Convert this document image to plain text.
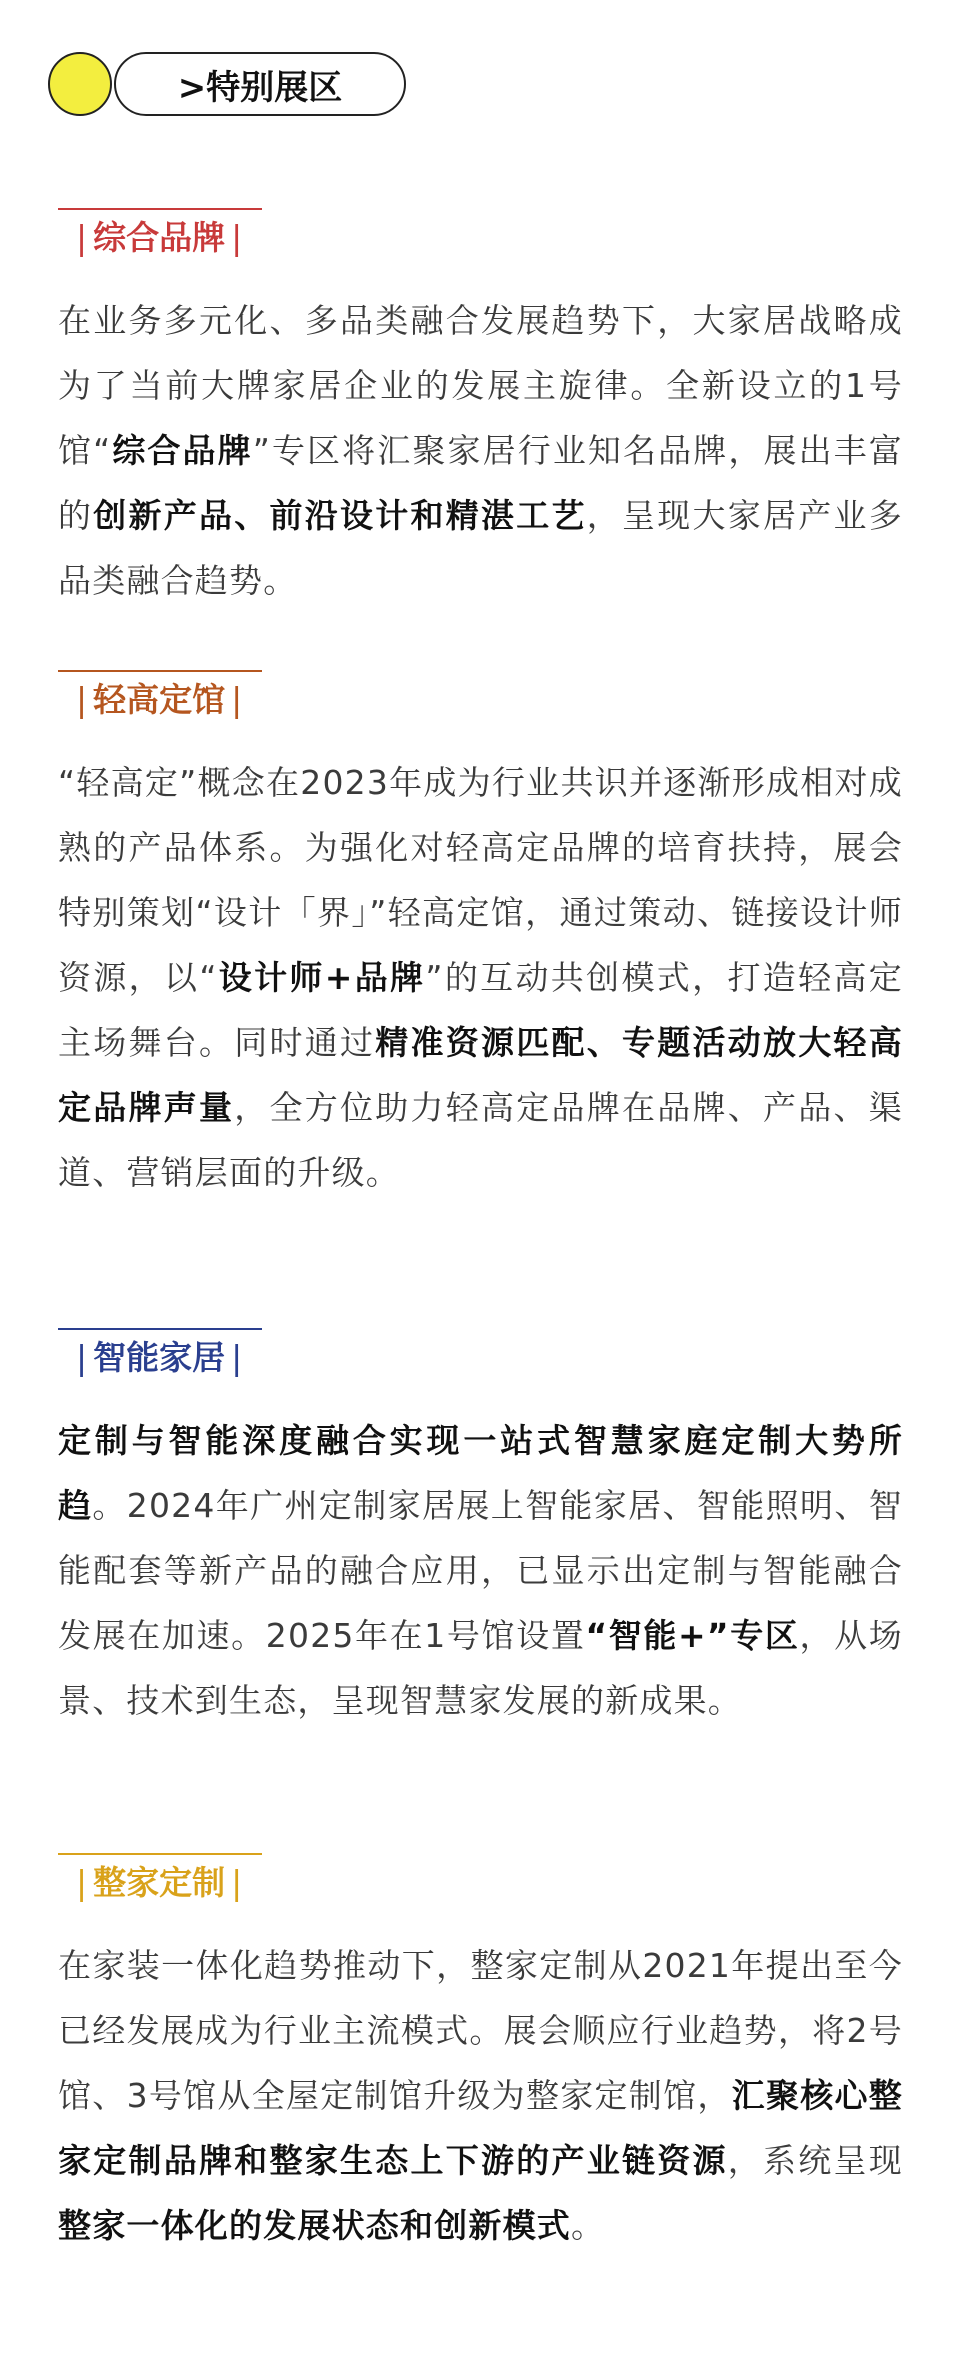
>特别展区
| 综合品牌 |
在业务多元化、多品类融合发展趋势下，大家居战略成为了当前大牌家居企业的发展主旋律。全新设立的1号馆“综合品牌”专区将汇聚家居行业知名品牌，展出丰富的创新产品、前沿设计和精湛工艺，呈现大家居产业多品类融合趋势。
| 轻高定馆 |
“轻高定”概念在2023年成为行业共识并逐渐形成相对成熟的产品体系。为强化对轻高定品牌的培育扶持，展会特别策划“设计「界」”轻高定馆，通过策动、链接设计师资源，以“设计师+品牌”的互动共创模式，打造轻高定主场舞台。同时通过精准资源匹配、专题活动放大轻高定品牌声量，全方位助力轻高定品牌在品牌、产品、渠道、营销层面的升级。
| 智能家居 |
定制与智能深度融合实现一站式智慧家庭定制大势所趋。2024年广州定制家居展上智能家居、智能照明、智能配套等新产品的融合应用，已显示出定制与智能融合发展在加速。2025年在1号馆设置“智能+”专区，从场景、技术到生态，呈现智慧家发展的新成果。
| 整家定制 |
在家装一体化趋势推动下，整家定制从2021年提出至今已经发展成为行业主流模式。展会顺应行业趋势，将2号馆、3号馆从全屋定制馆升级为整家定制馆，汇聚核心整家定制品牌和整家生态上下游的产业链资源，系统呈现整家一体化的发展状态和创新模式。
